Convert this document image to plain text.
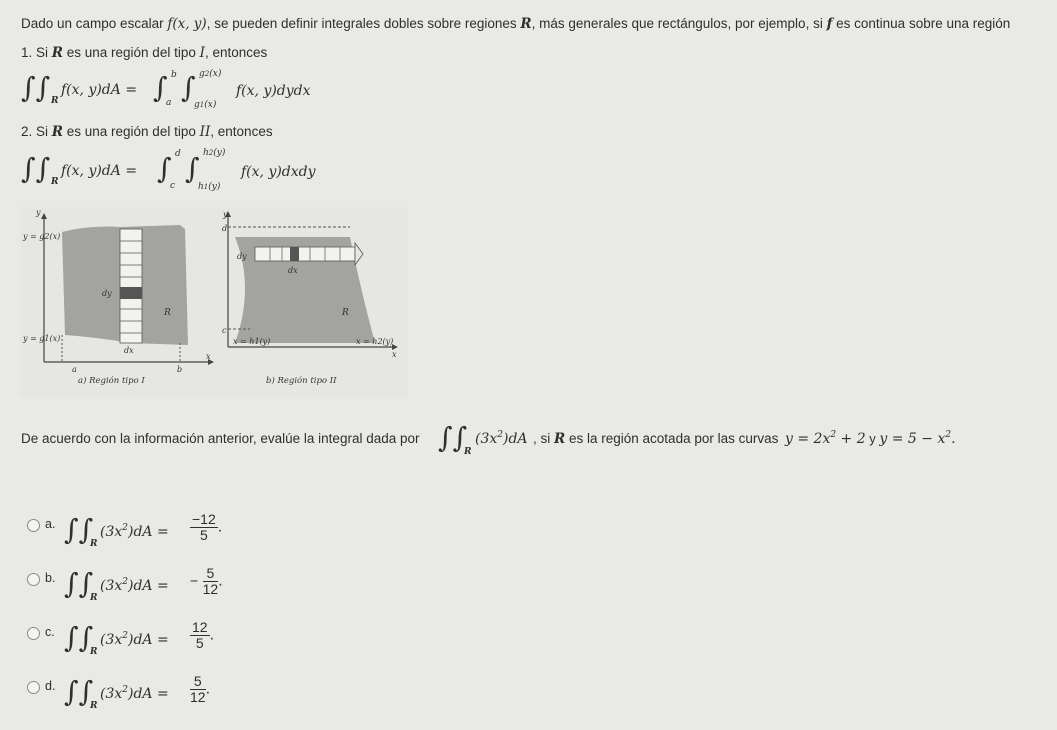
Dado un campo escalar f(x, y), se pueden definir integrales dobles sobre regiones R, más generales que rectángulos, por ejemplo, si f es continua sobre una región
1. Si R es una región del tipo I, entonces
∫∫ R
f(x, y)dA = ∫ b
a ∫ g2(x)
g1(x)
f(x, y)dydx
2. Si R es una región del tipo II, entonces
∫∫ R
f(x, y)dA = ∫ d
c
∫ h2(y)
h1(y)
f(x, y)dxdy
y
x
y = g2(x)
y = g1(x)
dy
dx
R
a	b
a) Región tipo I
y
d
c
dy
dx
R
x = h1(y)	x = h2(y)
x
b) Región tipo II
De acuerdo con la información anterior, evalúe la integral dada por ∫∫
R
$(3x^2)dA$ , si R es la región acotada por las curvas $y = 2x^2 + 2$ y $y = 5 - x^2$.
a. ∫∫
R
$(3x^2)dA = \frac{-12}{5}$ .
b. ∫∫
R
$(3x^2)dA$ = − $\frac{5}{12}$ .
c. ∫∫
R
$(3x^2)dA = \frac{12}{5}$ .
d. ∫∫
R
$(3x^2)dA = \frac{5}{12}$ .
